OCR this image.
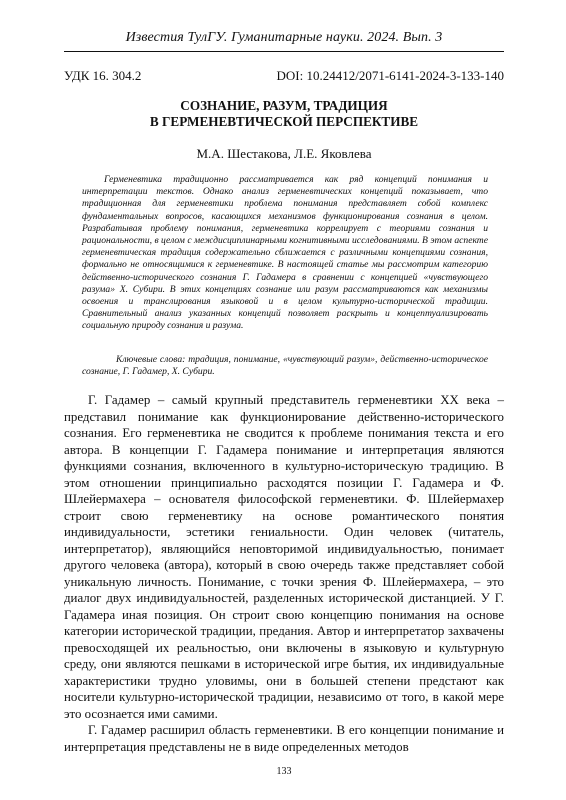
Известия ТулГУ. Гуманитарные науки. 2024. Вып. 3
УДК 16. 304.2	DOI: 10.24412/2071-6141-2024-3-133-140
СОЗНАНИЕ, РАЗУМ, ТРАДИЦИЯ
В ГЕРМЕНЕВТИЧЕСКОЙ ПЕРСПЕКТИВЕ
М.А. Шестакова, Л.Е. Яковлева

Герменевтика традиционно рассматривается как ряд концепций понимания и интерпретации текстов. Однако анализ герменевтических концепций показывает, что традиционная для герменевтики проблема понимания представляет собой комплекс фундаментальных вопросов, касающихся механизмов функционирования сознания в целом. Разрабатывая проблему понимания, герменевтика коррелирует с теориями сознания и рациональности, в целом с междисциплинарными когнитивными исследованиями. В этом аспекте герменевтическая традиция содержательно сближается с различными концепциями сознания, формально не относящимися к герменевтике. В настоящей статье мы рассмотрим категорию действенно-исторического сознания Г. Гадамера в сравнении с концепцией «чувствующего разума» Х. Субири. В этих концепциях сознание или разум рассматриваются как механизмы освоения и транслирования языковой и в целом культурно-исторической традиции. Сравнительный анализ указанных концепций позволяет раскрыть и концептуализировать социальную природу сознания и разума.

Ключевые слова: традиция, понимание, «чувствующий разум», действенно-историческое сознание, Г. Гадамер, Х. Субири.

Г. Гадамер – самый крупный представитель герменевтики XX века – представил понимание как функционирование действенно-исторического сознания. Его герменевтика не сводится к проблеме понимания текста и его автора. В концепции Г. Гадамера понимание и интерпретация являются функциями сознания, включенного в культурно-историческую традицию. В этом отношении принципиально расходятся позиции Г. Гадамера и Ф. Шлейермахера – основателя философской герменевтики. Ф. Шлейермахер строит свою герменевтику на основе романтического понятия индивидуальности, эстетики гениальности. Один человек (читатель, интерпретатор), являющийся неповторимой индивидуальностью, понимает другого человека (автора), который в свою очередь также представляет собой уникальную личность. Понимание, с точки зрения Ф. Шлейермахера, – это диалог двух индивидуальностей, разделенных исторической дистанцией. У Г. Гадамера иная позиция. Он строит свою концепцию понимания на основе категории исторической традиции, предания. Автор и интерпретатор захвачены превосходящей их реальностью, они включены в языковую и культурную среду, они являются пешками в исторической игре бытия, их индивидуальные характеристики трудно уловимы, они в большей степени предстают как носители культурно-исторической традиции, независимо от того, в какой мере это осознается ими самими.

Г. Гадамер расширил область герменевтики. В его концепции понимание и интерпретация представлены не в виде определенных методов

133
